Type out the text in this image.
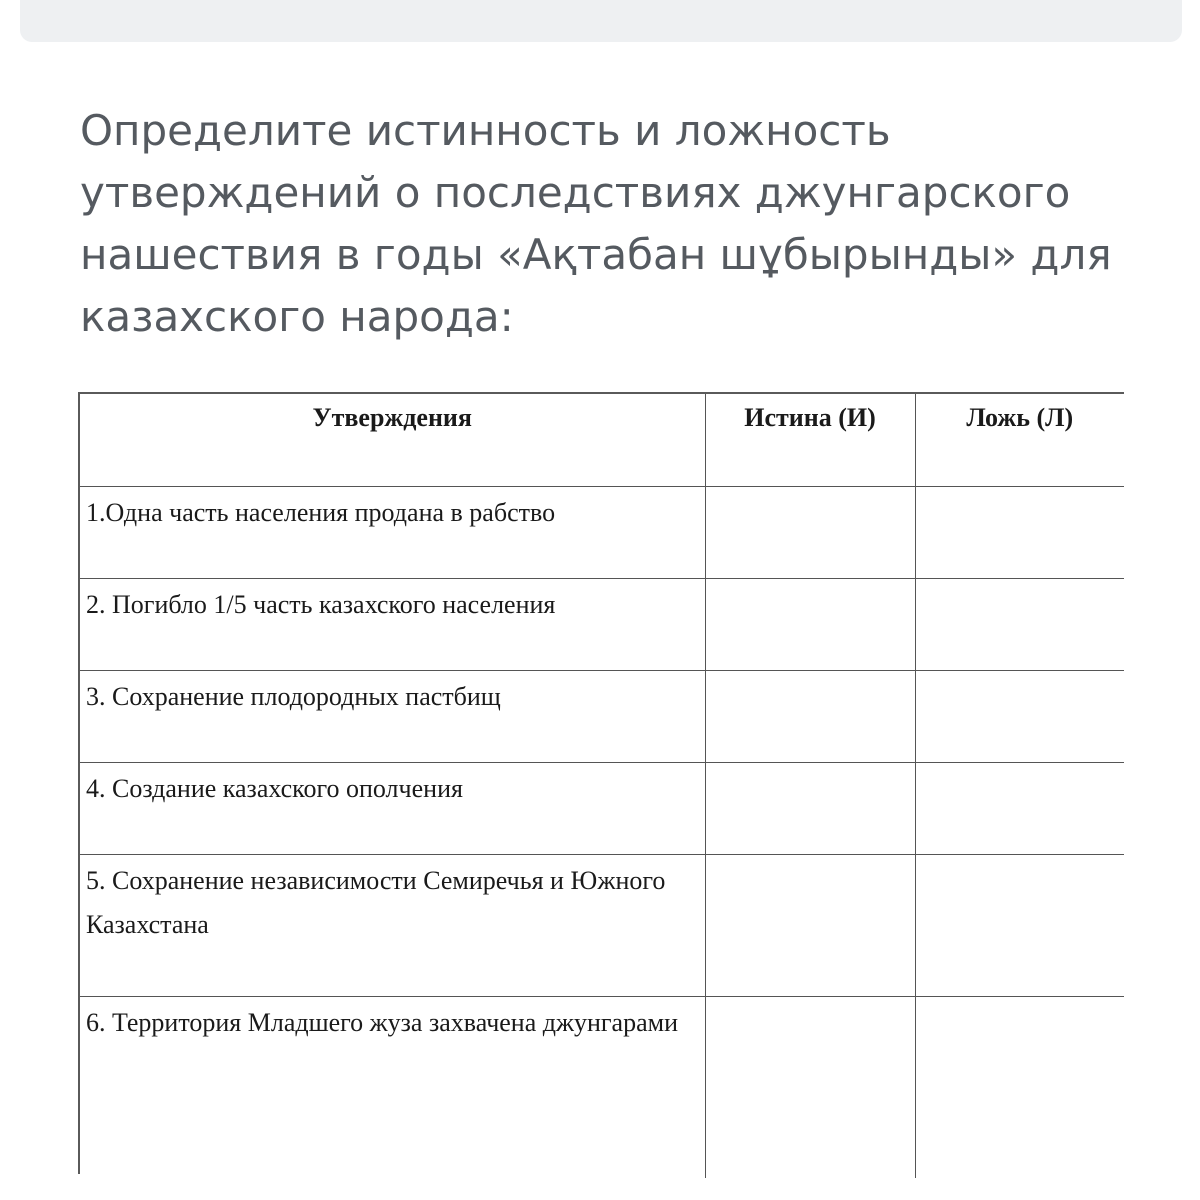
Определите истинность и ложность утверждений о последствиях джунгарского нашествия в годы «Ақтабан шұбырынды» для казахского народа:

Утверждения	Истина (И)	Ложь (Л)
1.Одна часть населения продана в рабство		
2. Погибло 1/5 часть казахского населения		
3. Сохранение плодородных пастбищ		
4. Создание казахского ополчения		
5. Сохранение независимости Семиречья и Южного Казахстана		
6. Территория Младшего жуза захвачена джунгарами		
